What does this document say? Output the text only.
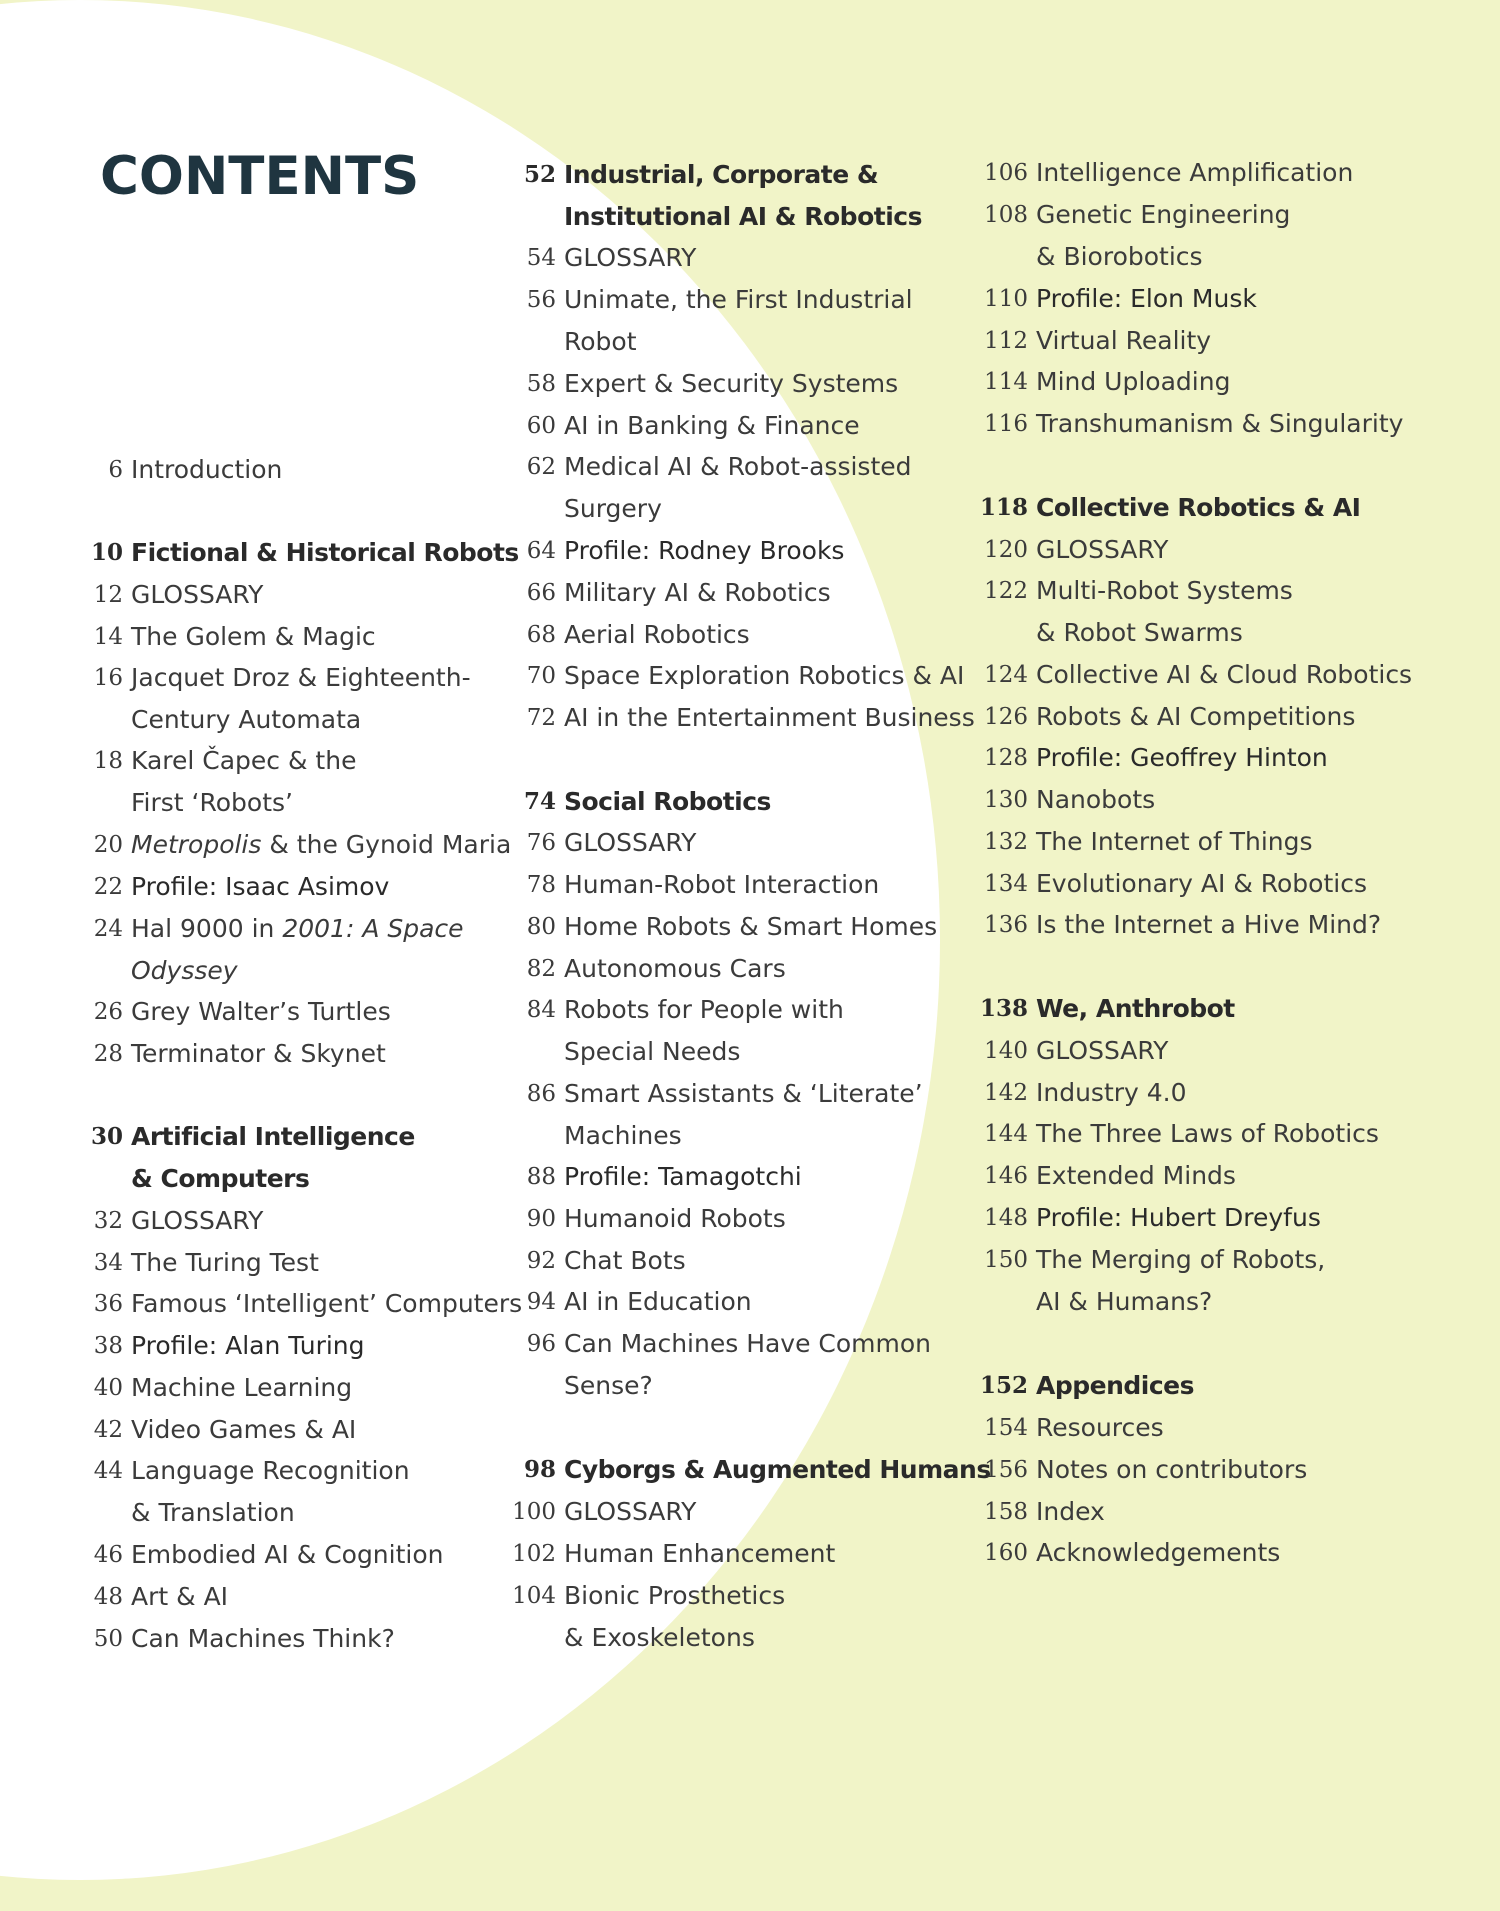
CONTENTS
6 Introduction
10 Fictional & Historical Robots
12 GLOSSARY
14 The Golem & Magic
16 Jacquet Droz & Eighteenth-
Century Automata
18 Karel Čapec & the
First ‘Robots’
20 Metropolis & the Gynoid Maria
22 Profile: Isaac Asimov
24 Hal 9000 in 2001: A Space
Odyssey
26 Grey Walter’s Turtles
28 Terminator & Skynet
30 Artificial Intelligence
& Computers
32 GLOSSARY
34 The Turing Test
36 Famous ‘Intelligent’ Computers
38 Profile: Alan Turing
40 Machine Learning
42 Video Games & AI
44 Language Recognition
& Translation
46 Embodied AI & Cognition
48 Art & AI
50 Can Machines Think?
52 Industrial, Corporate &
Institutional AI & Robotics
54 GLOSSARY
56 Unimate, the First Industrial
Robot
58 Expert & Security Systems
60 AI in Banking & Finance
62 Medical AI & Robot-assisted
Surgery
64 Profile: Rodney Brooks
66 Military AI & Robotics
68 Aerial Robotics
70 Space Exploration Robotics & AI
72 AI in the Entertainment Business
74 Social Robotics
76 GLOSSARY
78 Human-Robot Interaction
80 Home Robots & Smart Homes
82 Autonomous Cars
84 Robots for People with
Special Needs
86 Smart Assistants & ‘Literate’
Machines
88 Profile: Tamagotchi
90 Humanoid Robots
92 Chat Bots
94 AI in Education
96 Can Machines Have Common
Sense?
98 Cyborgs & Augmented Humans
100 GLOSSARY
102 Human Enhancement
104 Bionic Prosthetics
& Exoskeletons
106 Intelligence Amplification
108 Genetic Engineering
& Biorobotics
110 Profile: Elon Musk
112 Virtual Reality
114 Mind Uploading
116 Transhumanism & Singularity
118 Collective Robotics & AI
120 GLOSSARY
122 Multi-Robot Systems
& Robot Swarms
124 Collective AI & Cloud Robotics
126 Robots & AI Competitions
128 Profile: Geoffrey Hinton
130 Nanobots
132 The Internet of Things
134 Evolutionary AI & Robotics
136 Is the Internet a Hive Mind?
138 We, Anthrobot
140 GLOSSARY
142 Industry 4.0
144 The Three Laws of Robotics
146 Extended Minds
148 Profile: Hubert Dreyfus
150 The Merging of Robots,
AI & Humans?
152 Appendices
154 Resources
156 Notes on contributors
158 Index
160 Acknowledgements
